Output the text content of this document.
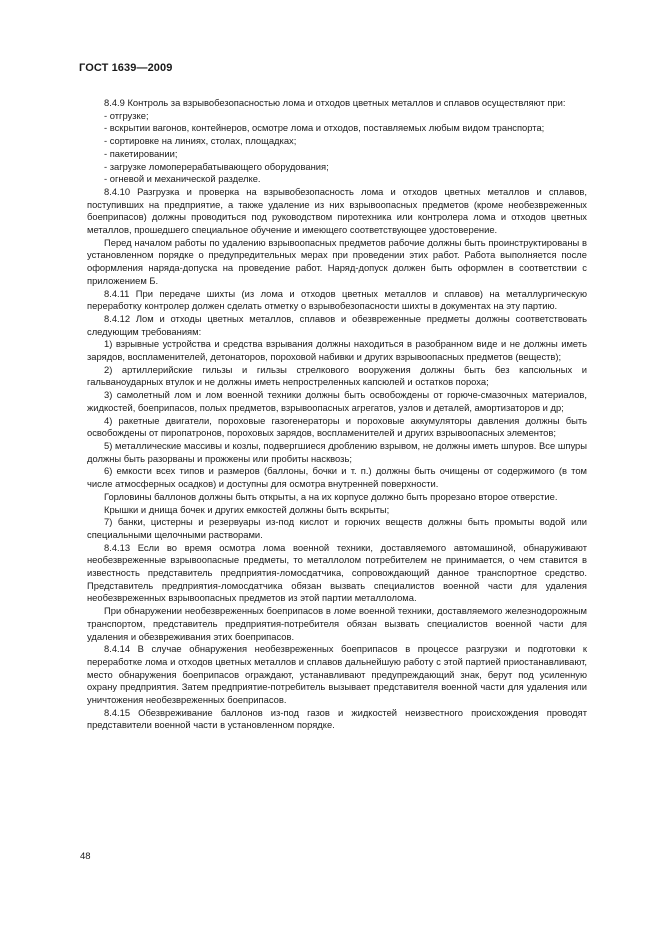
ГОСТ 1639—2009

8.4.9 Контроль за взрывобезопасностью лома и отходов цветных металлов и сплавов осуществляют при:

- отгрузке;

- вскрытии вагонов, контейнеров, осмотре лома и отходов, поставляемых любым видом транспорта;

- сортировке на линиях, столах, площадках;

- пакетировании;

- загрузке ломоперерабатывающего оборудования;

- огневой и механической разделке.

8.4.10 Разгрузка и проверка на взрывобезопасность лома и отходов цветных металлов и сплавов, поступивших на предприятие, а также удаление из них взрывоопасных предметов (кроме необезвреженных боеприпасов) должны проводиться под руководством пиротехника или контролера лома и отходов цветных металлов, прошедшего специальное обучение и имеющего соответствующее удостоверение.

Перед началом работы по удалению взрывоопасных предметов рабочие должны быть проинструктированы в установленном порядке о предупредительных мерах при проведении этих работ. Работа выполняется после оформления наряда-допуска на проведение работ. Наряд-допуск должен быть оформлен в соответствии с приложением Б.

8.4.11 При передаче шихты (из лома и отходов цветных металлов и сплавов) на металлургическую переработку контролер должен сделать отметку о взрывобезопасности шихты в документах на эту партию.

8.4.12 Лом и отходы цветных металлов, сплавов и обезвреженные предметы должны соответствовать следующим требованиям:

1) взрывные устройства и средства взрывания должны находиться в разобранном виде и не должны иметь зарядов, воспламенителей, детонаторов, пороховой набивки и других взрывоопасных предметов (веществ);

2) артиллерийские гильзы и гильзы стрелкового вооружения должны быть без капсюльных и гальваноударных втулок и не должны иметь непростреленных капсюлей и остатков пороха;

3) самолетный лом и лом военной техники должны быть освобождены от горюче-смазочных материалов, жидкостей, боеприпасов, полых предметов, взрывоопасных агрегатов, узлов и деталей, амортизаторов и др;

4) ракетные двигатели, пороховые газогенераторы и пороховые аккумуляторы давления должны быть освобождены от пиропатронов, пороховых зарядов, воспламенителей и других взрывоопасных элементов;

5) металлические массивы и козлы, подвергшиеся дроблению взрывом, не должны иметь шпуров. Все шпуры должны быть разорваны и прожжены или пробиты насквозь;

6) емкости всех типов и размеров (баллоны, бочки и т. п.) должны быть очищены от содержимого (в том числе атмосферных осадков) и доступны для осмотра внутренней поверхности.

Горловины баллонов должны быть открыты, а на их корпусе должно быть прорезано второе отверстие.

Крышки и днища бочек и других емкостей должны быть вскрыты;

7) банки, цистерны и резервуары из-под кислот и горючих веществ должны быть промыты водой или специальными щелочными растворами.

8.4.13 Если во время осмотра лома военной техники, доставляемого автомашиной, обнаруживают необезвреженные взрывоопасные предметы, то металлолом потребителем не принимается, о чем ставится в известность представитель предприятия-ломосдатчика, сопровождающий данное транспортное средство. Представитель предприятия-ломосдатчика обязан вызвать специалистов военной части для удаления необезвреженных взрывоопасных предметов из этой партии металлолома.

При обнаружении необезвреженных боеприпасов в ломе военной техники, доставляемого железнодорожным транспортом, представитель предприятия-потребителя обязан вызвать специалистов военной части для удаления и обезвреживания этих боеприпасов.

8.4.14 В случае обнаружения необезвреженных боеприпасов в процессе разгрузки и подготовки к переработке лома и отходов цветных металлов и сплавов дальнейшую работу с этой партией приостанавливают, место обнаружения боеприпасов ограждают, устанавливают предупреждающий знак, берут под усиленную охрану предприятия. Затем предприятие-потребитель вызывает представителя военной части для удаления или уничтожения необезвреженных боеприпасов.

8.4.15 Обезвреживание баллонов из-под газов и жидкостей неизвестного происхождения проводят представители военной части в установленном порядке.

48
